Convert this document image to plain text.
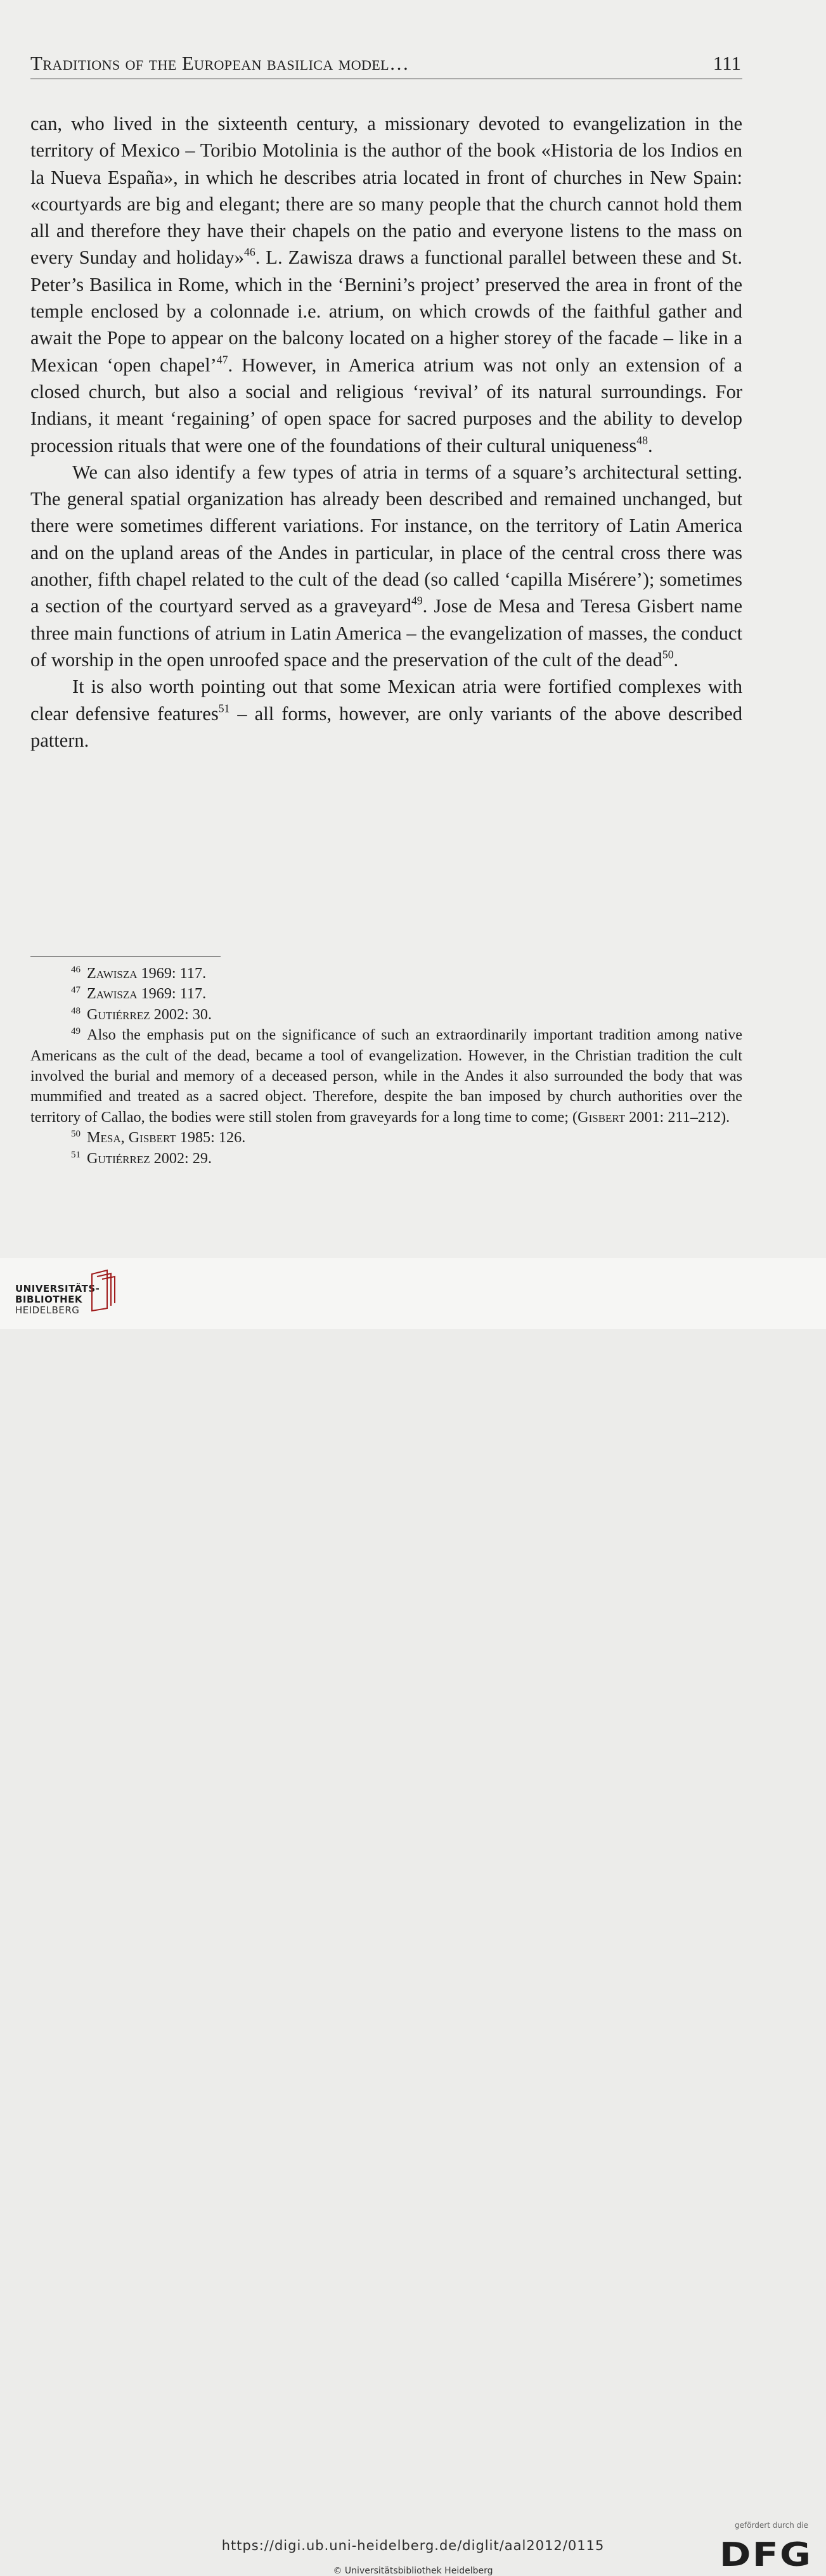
Traditions of the European basilica model…	111

can, who lived in the sixteenth century, a missionary devoted to evangelization in the territory of Mexico – Toribio Motolinia is the author of the book «Historia de los Indios en la Nueva España», in which he describes atria located in front of churches in New Spain: «courtyards are big and elegant; there are so many people that the church cannot hold them all and therefore they have their chapels on the patio and everyone listens to the mass on every Sunday and holiday»$^{46}$. L. Zawisza draws a functional parallel between these and St. Peter’s Basilica in Rome, which in the ‘Bernini’s project’ preserved the area in front of the temple enclosed by a colonnade i.e. atrium, on which crowds of the faithful gather and await the Pope to appear on the balcony located on a higher storey of the facade – like in a Mexican ‘open chapel’$^{47}$. However, in America atrium was not only an extension of a closed church, but also a social and religious ‘revival’ of its natural surroundings. For Indians, it meant ‘regaining’ of open space for sacred purposes and the ability to develop procession rituals that were one of the foundations of their cultural uniqueness$^{48}$.

We can also identify a few types of atria in terms of a square’s architectural setting. The general spatial organization has already been described and remained unchanged, but there were sometimes different variations. For instance, on the territory of Latin America and on the upland areas of the Andes in particular, in place of the central cross there was another, fifth chapel related to the cult of the dead (so called ‘capilla Misérere’); sometimes a section of the courtyard served as a graveyard$^{49}$. Jose de Mesa and Teresa Gisbert name three main functions of atrium in Latin America – the evangelization of masses, the conduct of worship in the open unroofed space and the preservation of the cult of the dead$^{50}$.

It is also worth pointing out that some Mexican atria were fortified complexes with clear defensive features$^{51}$ – all forms, however, are only variants of the above described pattern.

$^{46}$ Zawisza 1969: 117.

$^{47}$ Zawisza 1969: 117.

$^{48}$ Gutiérrez 2002: 30.

$^{49}$ Also the emphasis put on the significance of such an extraordinarily important tradition among native Americans as the cult of the dead, became a tool of evangelization. However, in the Christian tradition the cult involved the burial and memory of a deceased person, while in the Andes it also surrounded the body that was mummified and treated as a sacred object. Therefore, despite the ban imposed by church authorities over the territory of Callao, the bodies were still stolen from graveyards for a long time to come; (Gisbert 2001: 211–212).

$^{50}$ Mesa, Gisbert 1985: 126.

$^{51}$ Gutiérrez 2002: 29.

UNIVERSITÄTS-
BIBLIOTHEK
HEIDELBERG
https://digi.ub.uni-heidelberg.de/diglit/aal2012/0115
© Universitätsbibliothek Heidelberg
gefördert durch die
DFG
